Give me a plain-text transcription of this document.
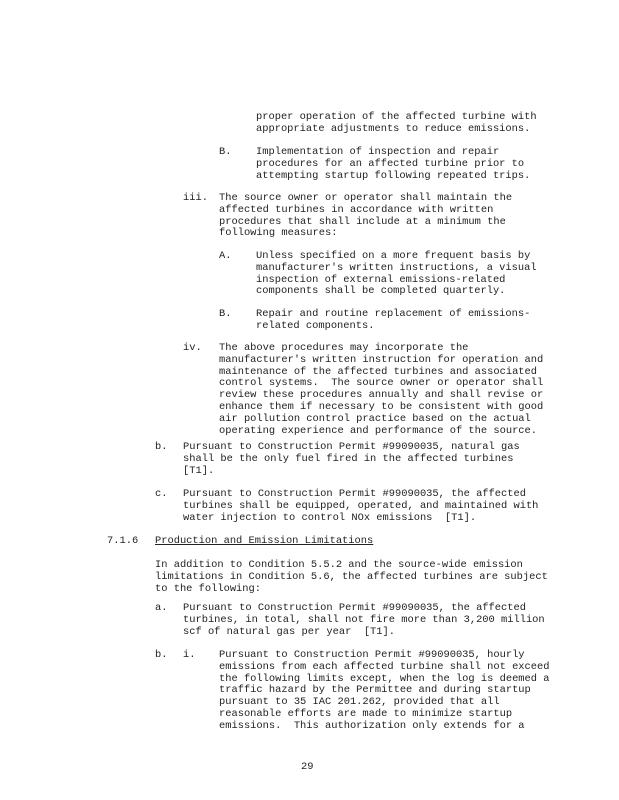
proper operation of the affected turbine with
appropriate adjustments to reduce emissions.
B. Implementation of inspection and repair
procedures for an affected turbine prior to
attempting startup following repeated trips.
iii. The source owner or operator shall maintain the
affected turbines in accordance with written
procedures that shall include at a minimum the
following measures:
A. Unless specified on a more frequent basis by
manufacturer's written instructions, a visual
inspection of external emissions-related
components shall be completed quarterly.
B. Repair and routine replacement of emissions-
related components.
iv. The above procedures may incorporate the
manufacturer's written instruction for operation and
maintenance of the affected turbines and associated
control systems.  The source owner or operator shall
review these procedures annually and shall revise or
enhance them if necessary to be consistent with good
air pollution control practice based on the actual
operating experience and performance of the source.
b. Pursuant to Construction Permit #99090035, natural gas
shall be the only fuel fired in the affected turbines
[T1].
c. Pursuant to Construction Permit #99090035, the affected
turbines shall be equipped, operated, and maintained with
water injection to control NOx emissions  [T1].
7.1.6 Production and Emission Limitations
In addition to Condition 5.5.2 and the source-wide emission
limitations in Condition 5.6, the affected turbines are subject
to the following:
a. Pursuant to Construction Permit #99090035, the affected
turbines, in total, shall not fire more than 3,200 million
scf of natural gas per year  [T1].
b. i. Pursuant to Construction Permit #99090035, hourly
emissions from each affected turbine shall not exceed
the following limits except, when the log is deemed a
traffic hazard by the Permittee and during startup
pursuant to 35 IAC 201.262, provided that all
reasonable efforts are made to minimize startup
emissions.  This authorization only extends for a
29
